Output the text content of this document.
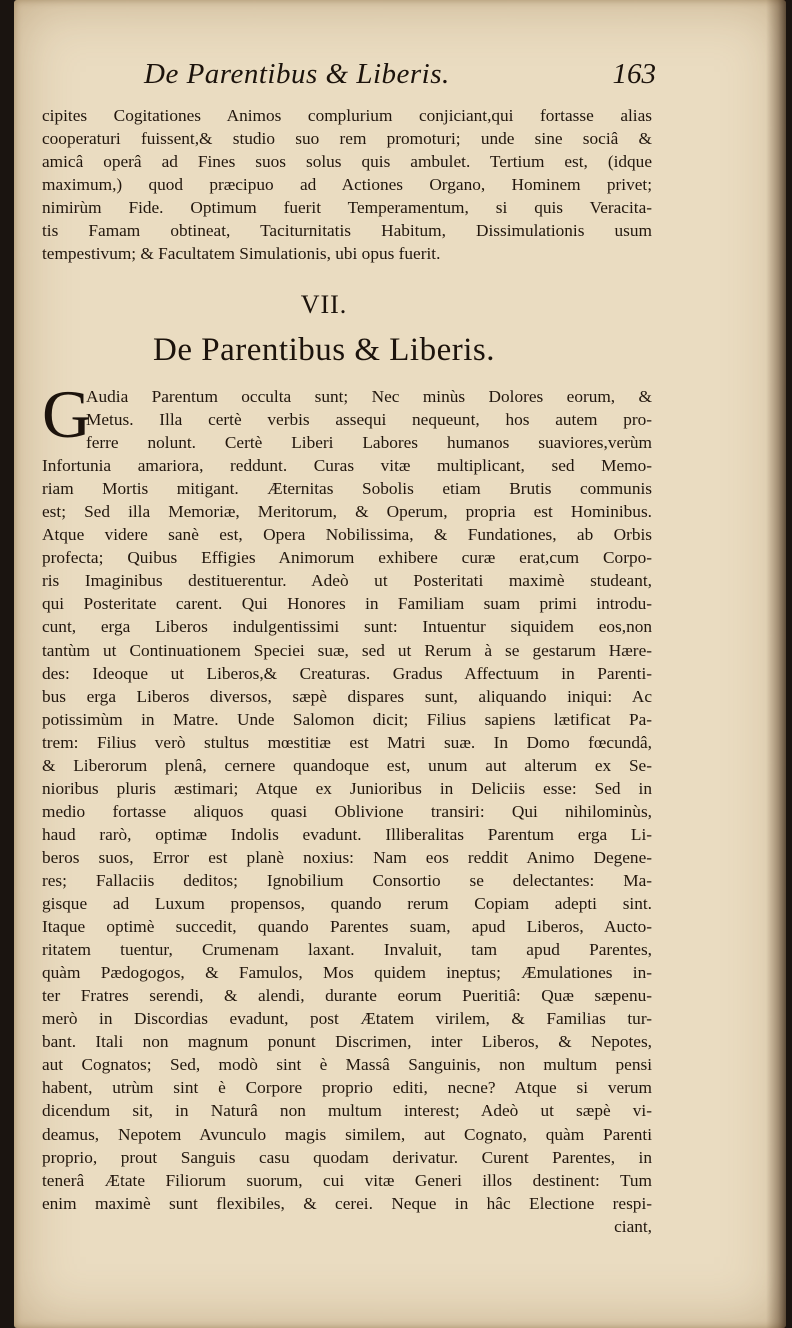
De Parentibus & Liberis.	163
cipites Cogitationes Animos complurium conjiciant,qui fortasse alias
cooperaturi fuissent,& studio suo rem promoturi; unde sine sociâ &
amicâ operâ ad Fines suos solus quis ambulet. Tertium est, (idque
maximum,) quod præcipuo ad Actiones Organo, Hominem privet;
nimirùm Fide. Optimum fuerit Temperamentum, si quis Veracita-
tis Famam obtineat, Taciturnitatis Habitum, Dissimulationis usum
tempestivum; & Facultatem Simulationis, ubi opus fuerit.
VII.
De Parentibus & Liberis.
G
Audia Parentum occulta sunt; Nec minùs Dolores eorum, &
Metus. Illa certè verbis assequi nequeunt, hos autem pro-
ferre nolunt. Certè Liberi Labores humanos suaviores,verùm
Infortunia amariora, reddunt. Curas vitæ multiplicant, sed Memo-
riam Mortis mitigant. Æternitas Sobolis etiam Brutis communis
est; Sed illa Memoriæ, Meritorum, & Operum, propria est Hominibus.
Atque videre sanè est, Opera Nobilissima, & Fundationes, ab Orbis
profecta; Quibus Effigies Animorum exhibere curæ erat,cum Corpo-
ris Imaginibus destituerentur. Adeò ut Posteritati maximè studeant,
qui Posteritate carent. Qui Honores in Familiam suam primi introdu-
cunt, erga Liberos indulgentissimi sunt: Intuentur siquidem eos,non
tantùm ut Continuationem Speciei suæ, sed ut Rerum à se gestarum Hære-
des: Ideoque ut Liberos,& Creaturas. Gradus Affectuum in Parenti-
bus erga Liberos diversos, sæpè dispares sunt, aliquando iniqui: Ac
potissimùm in Matre. Unde Salomon dicit; Filius sapiens lætificat Pa-
trem: Filius verò stultus mœstitiæ est Matri suæ. In Domo fœcundâ,
& Liberorum plenâ, cernere quandoque est, unum aut alterum ex Se-
nioribus pluris æstimari; Atque ex Junioribus in Deliciis esse: Sed in
medio fortasse aliquos quasi Oblivione transiri: Qui nihilominùs,
haud rarò, optimæ Indolis evadunt. Illiberalitas Parentum erga Li-
beros suos, Error est planè noxius: Nam eos reddit Animo Degene-
res; Fallaciis deditos; Ignobilium Consortio se delectantes: Ma-
gisque ad Luxum propensos, quando rerum Copiam adepti sint.
Itaque optimè succedit, quando Parentes suam, apud Liberos, Aucto-
ritatem tuentur, Crumenam laxant. Invaluit, tam apud Parentes,
quàm Pædogogos, & Famulos, Mos quidem ineptus; Æmulationes in-
ter Fratres serendi, & alendi, durante eorum Pueritiâ: Quæ sæpenu-
merò in Discordias evadunt, post Ætatem virilem, & Familias tur-
bant. Itali non magnum ponunt Discrimen, inter Liberos, & Nepotes,
aut Cognatos; Sed, modò sint è Massâ Sanguinis, non multum pensi
habent, utrùm sint è Corpore proprio editi, necne? Atque si verum
dicendum sit, in Naturâ non multum interest; Adeò ut sæpè vi-
deamus, Nepotem Avunculo magis similem, aut Cognato, quàm Parenti
proprio, prout Sanguis casu quodam derivatur. Curent Parentes, in
tenerâ Ætate Filiorum suorum, cui vitæ Generi illos destinent: Tum
enim maximè sunt flexibiles, & cerei. Neque in hâc Electione respi-
ciant,
